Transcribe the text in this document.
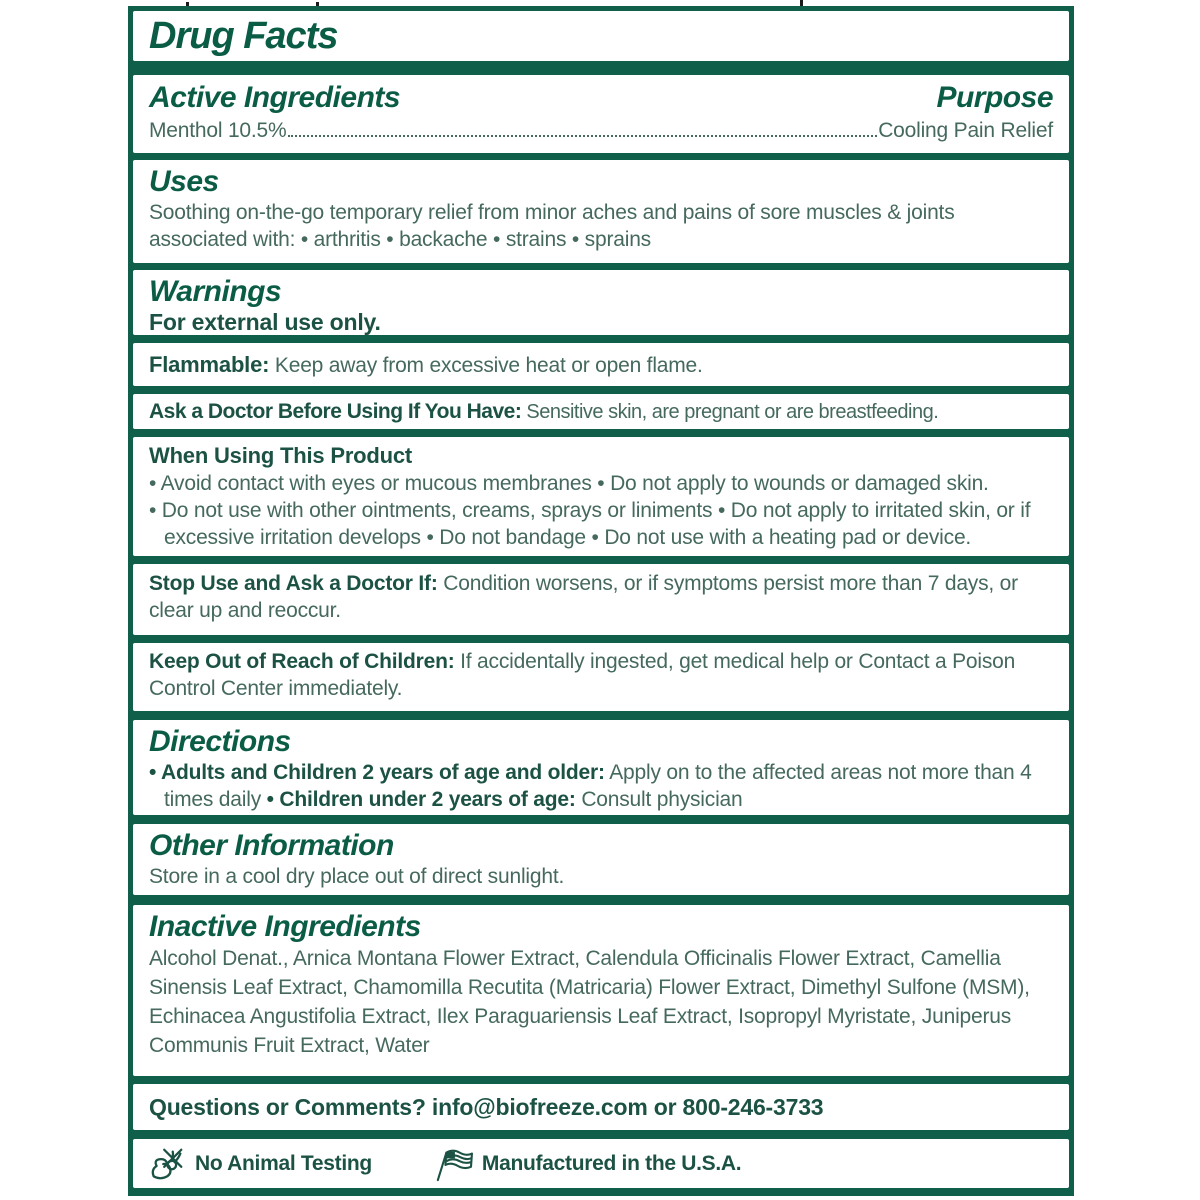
Drug Facts
Active Ingredients	Purpose
Menthol 10.5%	Cooling Pain Relief
Uses

Soothing on-the-go temporary relief from minor aches and pains of sore muscles & joints associated with: • arthritis • backache • strains • sprains

Warnings

For external use only.

Flammable: Keep away from excessive heat or open flame.

Ask a Doctor Before Using If You Have: Sensitive skin, are pregnant or are breastfeeding.

When Using This Product

• Avoid contact with eyes or mucous membranes • Do not apply to wounds or damaged skin.

• Do not use with other ointments, creams, sprays or liniments • Do not apply to irritated skin, or if excessive irritation develops • Do not bandage • Do not use with a heating pad or device.

Stop Use and Ask a Doctor If: Condition worsens, or if symptoms persist more than 7 days, or clear up and reoccur.

Keep Out of Reach of Children: If accidentally ingested, get medical help or Contact a Poison Control Center immediately.

Directions

• Adults and Children 2 years of age and older: Apply on to the affected areas not more than 4 times daily • Children under 2 years of age: Consult physician

Other Information

Store in a cool dry place out of direct sunlight.

Inactive Ingredients

Alcohol Denat., Arnica Montana Flower Extract, Calendula Officinalis Flower Extract, Camellia Sinensis Leaf Extract, Chamomilla Recutita (Matricaria) Flower Extract, Dimethyl Sulfone (MSM), Echinacea Angustifolia Extract, Ilex Paraguariensis Leaf Extract, Isopropyl Myristate, Juniperus Communis Fruit Extract, Water

Questions or Comments? info@biofreeze.com or 800-246-3733

No Animal Testing	Manufactured in the U.S.A.
